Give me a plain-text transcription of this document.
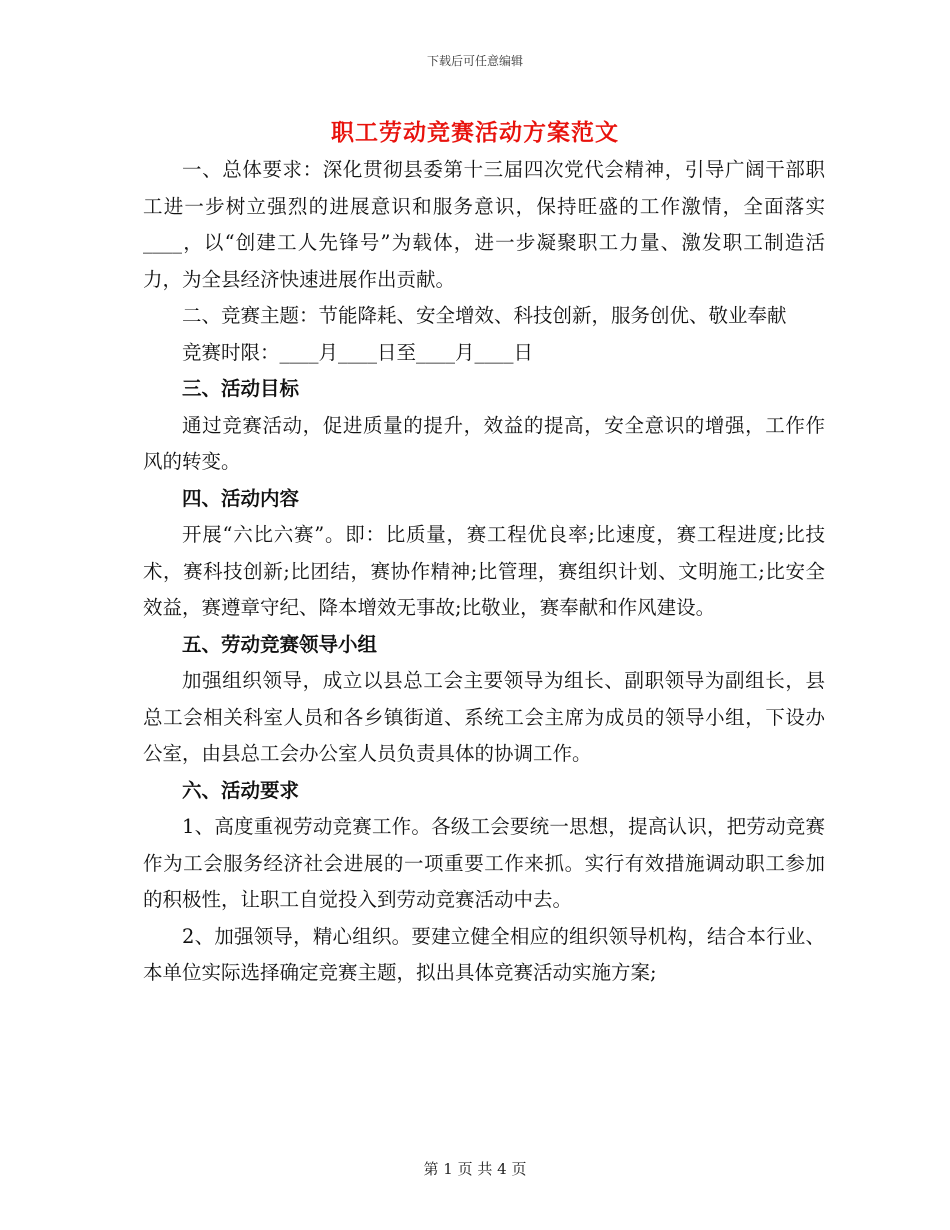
下载后可任意编辑
职工劳动竞赛活动方案范文

一、总体要求：深化贯彻县委第十三届四次党代会精神，引导广阔干部职工进一步树立强烈的进展意识和服务意识，保持旺盛的工作激情，全面落实____，以“创建工人先锋号”为载体，进一步凝聚职工力量、激发职工制造活力，为全县经济快速进展作出贡献。

二、竞赛主题：节能降耗、安全增效、科技创新，服务创优、敬业奉献

竞赛时限：____月____日至____月____日

三、活动目标

通过竞赛活动，促进质量的提升，效益的提高，安全意识的增强，工作作风的转变。

四、活动内容

开展“六比六赛”。即：比质量，赛工程优良率;比速度，赛工程进度;比技术，赛科技创新;比团结，赛协作精神;比管理，赛组织计划、文明施工;比安全效益，赛遵章守纪、降本增效无事故;比敬业，赛奉献和作风建设。

五、劳动竞赛领导小组

加强组织领导，成立以县总工会主要领导为组长、副职领导为副组长，县总工会相关科室人员和各乡镇街道、系统工会主席为成员的领导小组，下设办公室，由县总工会办公室人员负责具体的协调工作。

六、活动要求

1、高度重视劳动竞赛工作。各级工会要统一思想，提高认识，把劳动竞赛作为工会服务经济社会进展的一项重要工作来抓。实行有效措施调动职工参加的积极性，让职工自觉投入到劳动竞赛活动中去。

2、加强领导，精心组织。要建立健全相应的组织领导机构，结合本行业、本单位实际选择确定竞赛主题，拟出具体竞赛活动实施方案;

第 1 页 共 4 页
